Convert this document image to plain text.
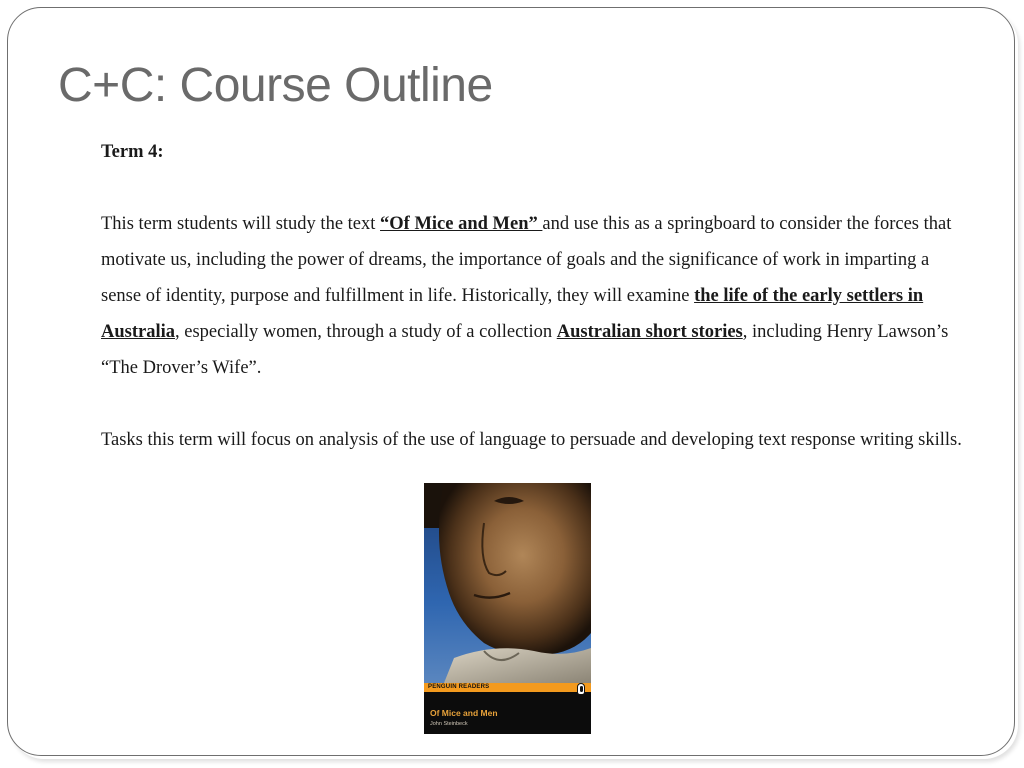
C+C: Course Outline

Term 4:

This term students will study the text “Of Mice and Men” and use this as a springboard to consider the forces that motivate us, including the power of dreams, the importance of goals and the significance of work in imparting a sense of identity, purpose and fulfillment in life. Historically, they will examine the life of the early settlers in Australia, especially women, through a study of a collection Australian short stories, including Henry Lawson’s “The Drover’s Wife”.

Tasks this term will focus on analysis of the use of language to persuade and developing text response writing skills.

PENGUIN READERS
Of Mice and Men
John Steinbeck
